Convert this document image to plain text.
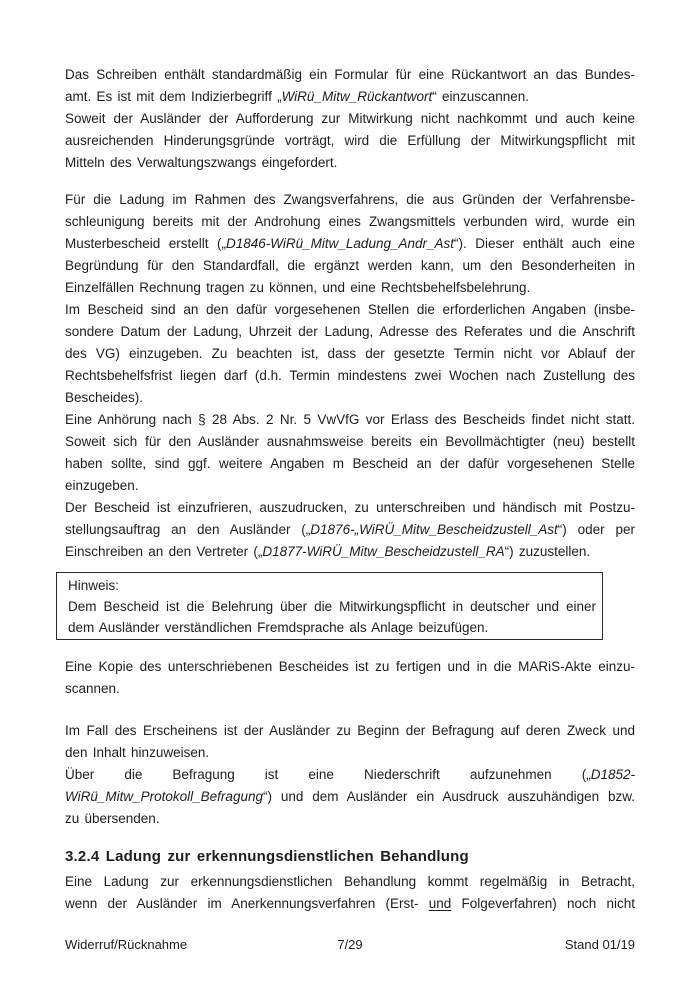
Das Schreiben enthält standardmäßig ein Formular für eine Rückantwort an das Bundes-
amt. Es ist mit dem Indizierbegriff „WiRü_Mitw_Rückantwort“ einzuscannen.
Soweit der Ausländer der Aufforderung zur Mitwirkung nicht nachkommt und auch keine
ausreichenden Hinderungsgründe vorträgt, wird die Erfüllung der Mitwirkungspflicht mit
Mitteln des Verwaltungszwangs eingefordert.
Für die Ladung im Rahmen des Zwangsverfahrens, die aus Gründen der Verfahrensbe-
schleunigung bereits mit der Androhung eines Zwangsmittels verbunden wird, wurde ein
Musterbescheid erstellt („D1846-WiRü_Mitw_Ladung_Andr_Ast“). Dieser enthält auch eine
Begründung für den Standardfall, die ergänzt werden kann, um den Besonderheiten in
Einzelfällen Rechnung tragen zu können, und eine Rechtsbehelfsbelehrung.
Im Bescheid sind an den dafür vorgesehenen Stellen die erforderlichen Angaben (insbe-
sondere Datum der Ladung, Uhrzeit der Ladung, Adresse des Referates und die Anschrift
des VG) einzugeben. Zu beachten ist, dass der gesetzte Termin nicht vor Ablauf der
Rechtsbehelfsfrist liegen darf (d.h. Termin mindestens zwei Wochen nach Zustellung des
Bescheides).
Eine Anhörung nach § 28 Abs. 2 Nr. 5 VwVfG vor Erlass des Bescheids findet nicht statt.
Soweit sich für den Ausländer ausnahmsweise bereits ein Bevollmächtigter (neu) bestellt
haben sollte, sind ggf. weitere Angaben m Bescheid an der dafür vorgesehenen Stelle
einzugeben.
Der Bescheid ist einzufrieren, auszudrucken, zu unterschreiben und händisch mit Postzu-
stellungsauftrag an den Ausländer („D1876-„WiRÜ_Mitw_Bescheidzustell_Ast“) oder per
Einschreiben an den Vertreter („D1877-WiRÜ_Mitw_Bescheidzustell_RA“) zuzustellen.
Hinweis:
Dem Bescheid ist die Belehrung über die Mitwirkungspflicht in deutscher und einer
dem Ausländer verständlichen Fremdsprache als Anlage beizufügen.
Eine Kopie des unterschriebenen Bescheides ist zu fertigen und in die MARiS-Akte einzu-
scannen.
Im Fall des Erscheinens ist der Ausländer zu Beginn der Befragung auf deren Zweck und
den Inhalt hinzuweisen.
Über die Befragung ist eine Niederschrift aufzunehmen („D1852-
WiRü_Mitw_Protokoll_Befragung“) und dem Ausländer ein Ausdruck auszuhändigen bzw.
zu übersenden.
3.2.4 Ladung zur erkennungsdienstlichen Behandlung
Eine Ladung zur erkennungsdienstlichen Behandlung kommt regelmäßig in Betracht,
wenn der Ausländer im Anerkennungsverfahren (Erst- und Folgeverfahren) noch nicht
Widerruf/Rücknahme	7/29	Stand 01/19
